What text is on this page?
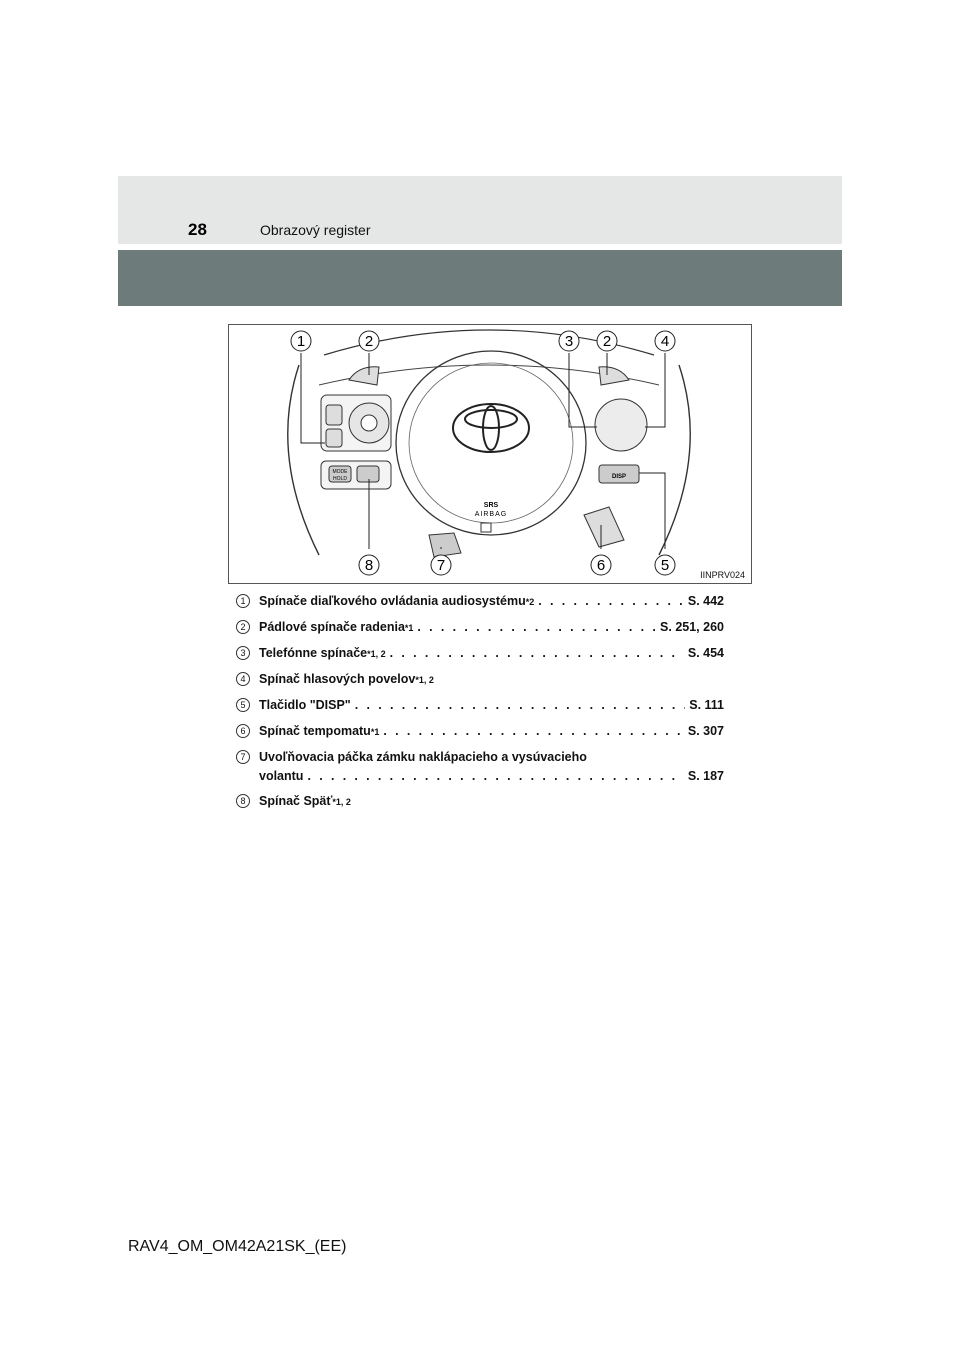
28	Obrazový register
SRS
AIRBAG
MODE
HOLD	DISP
1	2	3 2	4
8	7	6	5
IINPRV024
1	Spínače diaľkového ovládania audiosystému *2 . . .	S. 442
2	Pádlové spínače radenia *1 . . .	S. 251, 260
3	Telefónne spínače *1, 2 . . .	S. 454
4	Spínač hlasových povelov *1, 2
5	Tlačidlo "DISP" . . .	S. 111
6	Spínač tempomatu *1 . . .	S. 307
7	Uvoľňovacia páčka zámku naklápacieho a vysúvacieho
volantu . . .	S. 187
8	Spínač Späť *1, 2
RAV4_OM_OM42A21SK_(EE)
